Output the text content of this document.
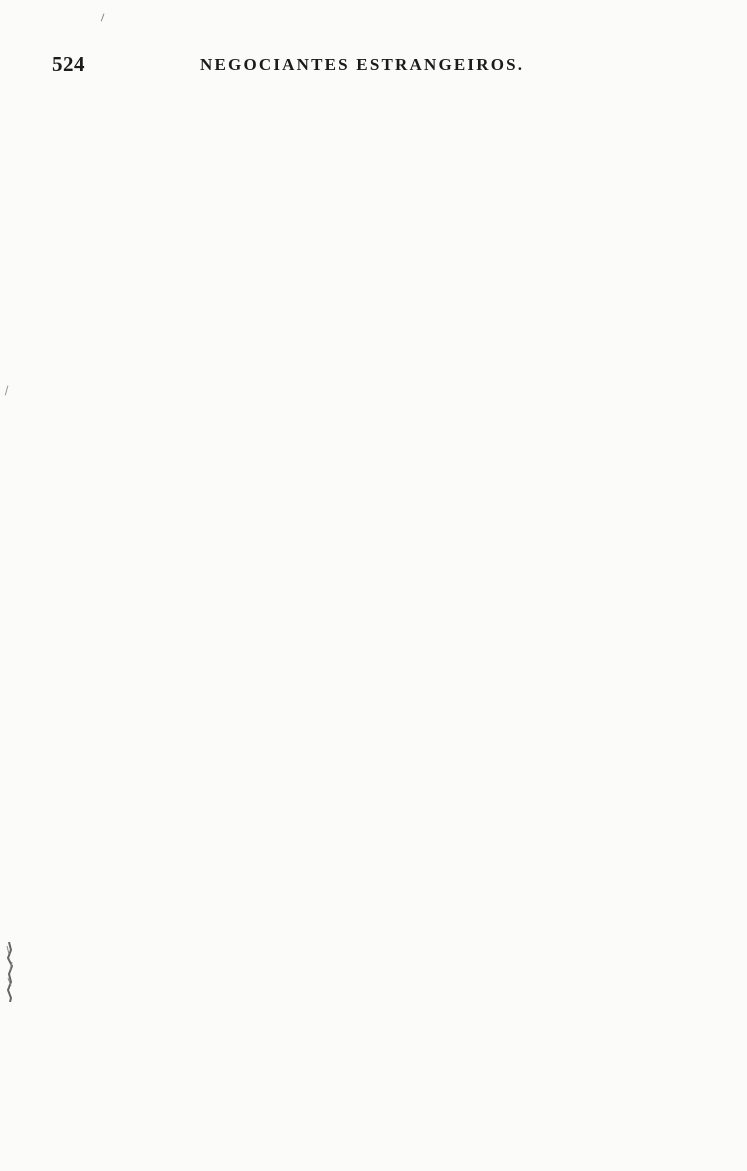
524	NEGOCIANTES ESTRANGEIROS.
